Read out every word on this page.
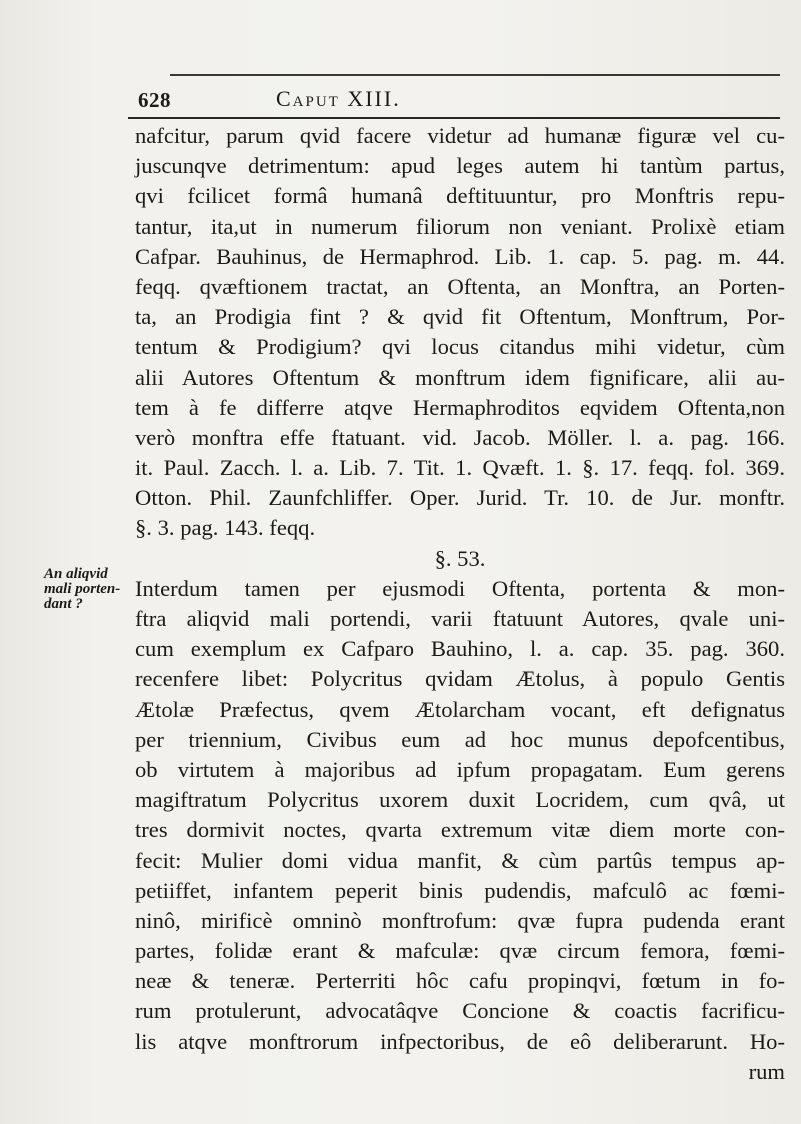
628	Caput XIII.
An aliqvid
mali porten-
dant ?
nafcitur, parum qvid facere videtur ad humanæ figuræ vel cu-
juscunqve detrimentum: apud leges autem hi tantùm partus,
qvi fcilicet formâ humanâ deftituuntur, pro Monftris repu-
tantur, ita,ut in numerum filiorum non veniant. Prolixè etiam
Cafpar. Bauhinus, de Hermaphrod. Lib. 1. cap. 5. pag. m. 44.
feqq. qvæftionem tractat, an Oftenta, an Monftra, an Porten-
ta, an Prodigia fint ? & qvid fit Oftentum, Monftrum, Por-
tentum & Prodigium? qvi locus citandus mihi videtur, cùm
alii Autores Oftentum & monftrum idem fignificare, alii au-
tem à fe differre atqve Hermaphroditos eqvidem Oftenta,non
verò monftra effe ftatuant. vid. Jacob. Möller. l. a. pag. 166.
it. Paul. Zacch. l. a. Lib. 7. Tit. 1. Qvæft. 1. §. 17. feqq. fol. 369.
Otton. Phil. Zaunfchliffer. Oper. Jurid. Tr. 10. de Jur. monftr.
§. 3. pag. 143. feqq.
§. 53.
Interdum tamen per ejusmodi Oftenta, portenta & mon-
ftra aliqvid mali portendi, varii ftatuunt Autores, qvale uni-
cum exemplum ex Cafparo Bauhino, l. a. cap. 35. pag. 360.
recenfere libet: Polycritus qvidam Ætolus, à populo Gentis
Ætolæ Præfectus, qvem Ætolarcham vocant, eft defignatus
per triennium, Civibus eum ad hoc munus depofcentibus,
ob virtutem à majoribus ad ipfum propagatam. Eum gerens
magiftratum Polycritus uxorem duxit Locridem, cum qvâ, ut
tres dormivit noctes, qvarta extremum vitæ diem morte con-
fecit: Mulier domi vidua manfit, & cùm partûs tempus ap-
petiiffet, infantem peperit binis pudendis, mafculô ac fœmi-
ninô, mirificè omninò monftrofum: qvæ fupra pudenda erant
partes, folidæ erant & mafculæ: qvæ circum femora, fœmi-
neæ & teneræ. Perterriti hôc cafu propinqvi, fœtum in fo-
rum protulerunt, advocatâqve Concione & coactis facrificu-
lis atqve monftrorum infpectoribus, de eô deliberarunt. Ho-
rum
